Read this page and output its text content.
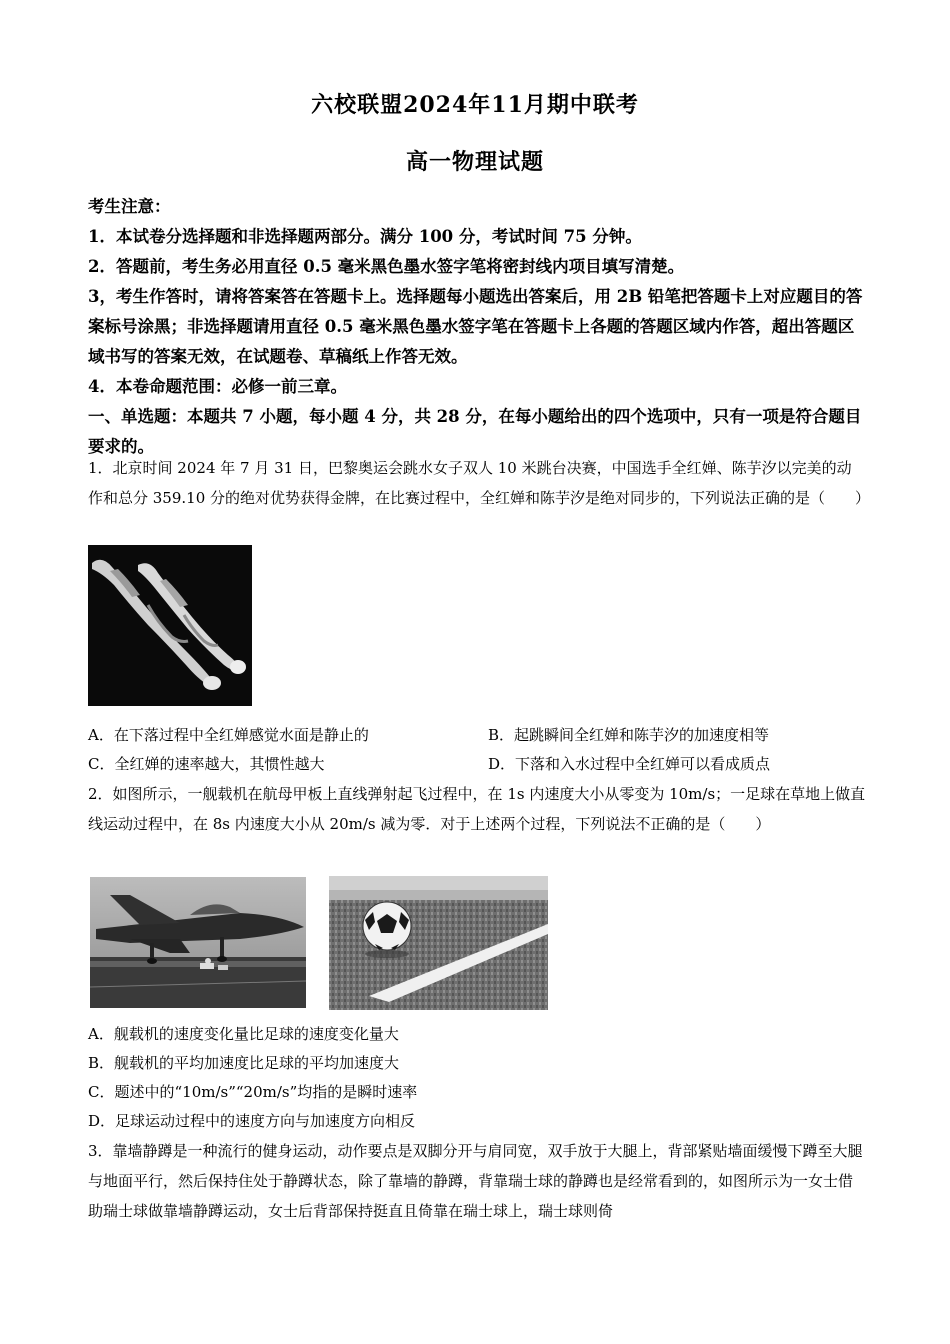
六校联盟2024年11月期中联考
高一物理试题

考生注意：

1．本试卷分选择题和非选择题两部分。满分 100 分，考试时间 75 分钟。

2．答题前，考生务必用直径 0.5 毫米黑色墨水签字笔将密封线内项目填写清楚。

3，考生作答时，请将答案答在答题卡上。选择题每小题选出答案后，用 2B 铅笔把答题卡上对应题目的答案标号涂黑；非选择题请用直径 0.5 毫米黑色墨水签字笔在答题卡上各题的答题区域内作答，超出答题区域书写的答案无效，在试题卷、草稿纸上作答无效。

4．本卷命题范围：必修一前三章。

一、单选题：本题共 7 小题，每小题 4 分，共 28 分，在每小题给出的四个选项中，只有一项是符合题目要求的。

1．北京时间 2024 年 7 月 31 日，巴黎奥运会跳水女子双人 10 米跳台决赛，中国选手全红婵、陈芋汐以完美的动作和总分 359.10 分的绝对优势获得金牌，在比赛过程中，全红婵和陈芋汐是绝对同步的，下列说法正确的是（　　）

A．在下落过程中全红婵感觉水面是静止的	B．起跳瞬间全红婵和陈芋汐的加速度相等
C．全红婵的速率越大，其惯性越大	D．下落和入水过程中全红婵可以看成质点

2．如图所示，一舰载机在航母甲板上直线弹射起飞过程中，在 1s 内速度大小从零变为 10m/s；一足球在草地上做直线运动过程中，在 8s 内速度大小从 20m/s 减为零．对于上述两个过程，下列说法不正确的是（　　）

A．舰载机的速度变化量比足球的速度变化量大

B．舰载机的平均加速度比足球的平均加速度大

C．题述中的“10m/s”“20m/s”均指的是瞬时速率

D．足球运动过程中的速度方向与加速度方向相反

3．靠墙静蹲是一种流行的健身运动，动作要点是双脚分开与肩同宽，双手放于大腿上，背部紧贴墙面缓慢下蹲至大腿与地面平行，然后保持住处于静蹲状态，除了靠墙的静蹲，背靠瑞士球的静蹲也是经常看到的，如图所示为一女士借助瑞士球做靠墙静蹲运动，女士后背部保持挺直且倚靠在瑞士球上，瑞士球则倚
